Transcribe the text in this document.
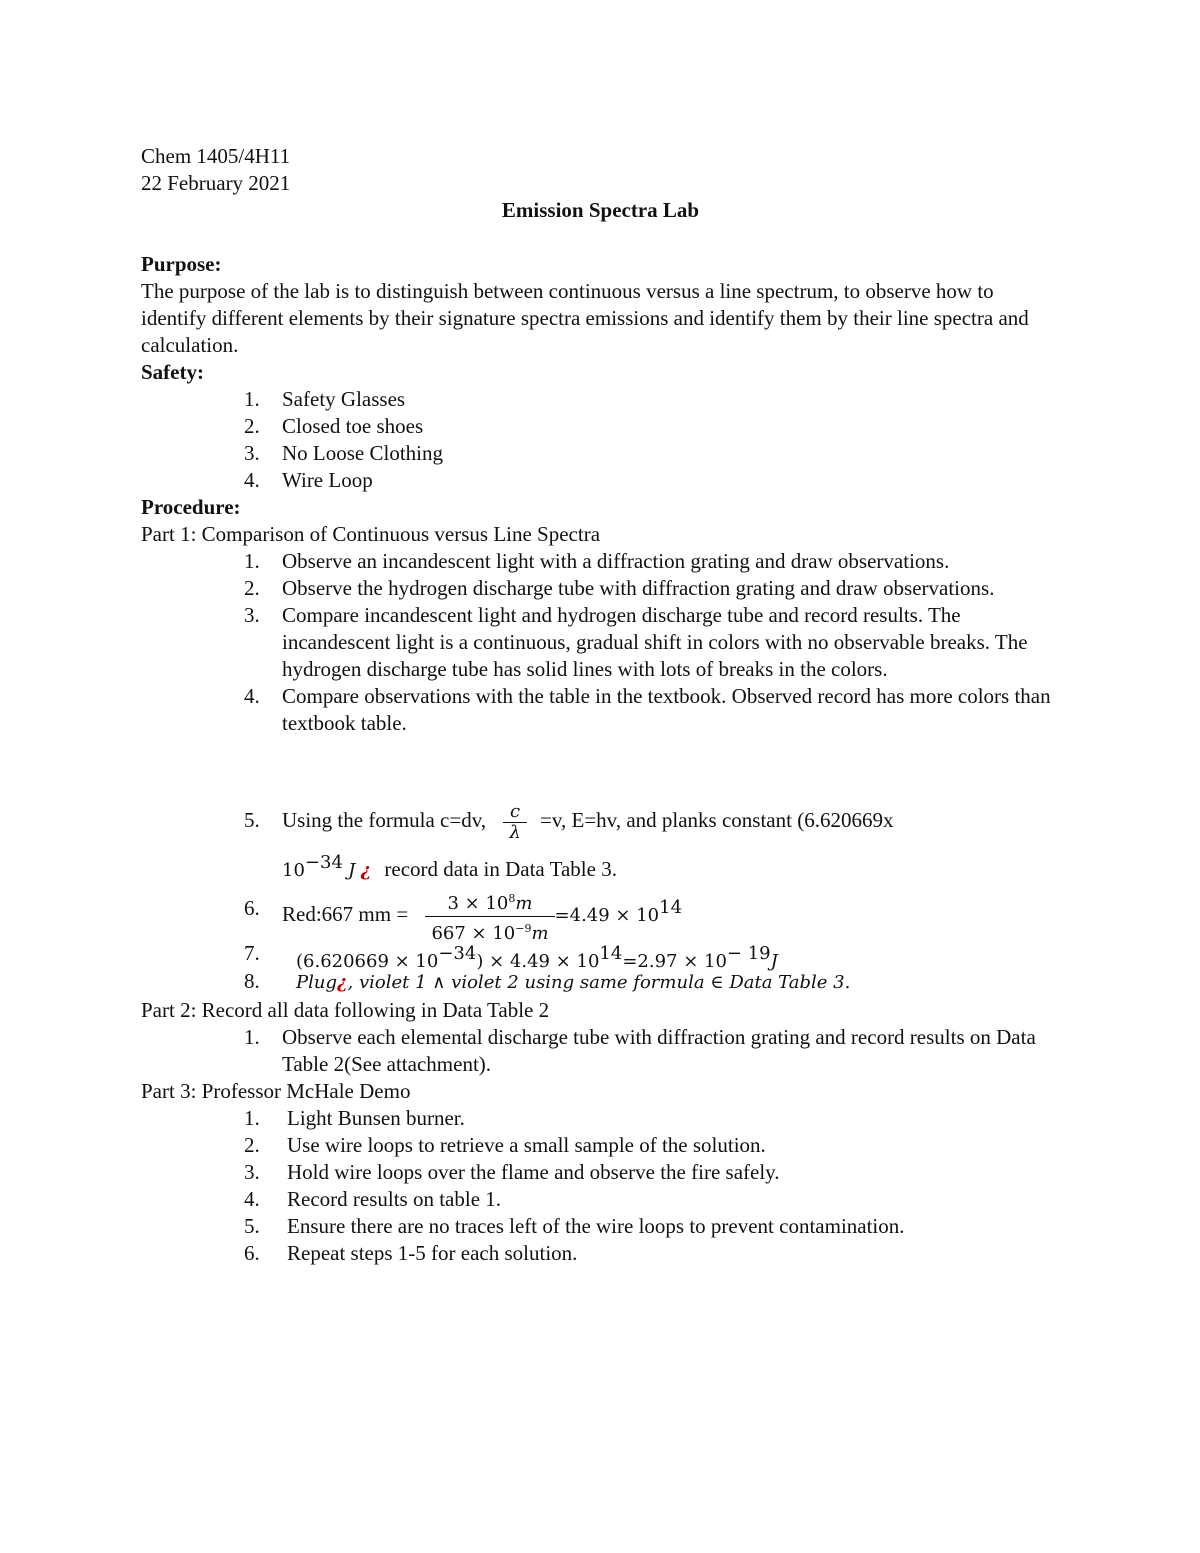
Chem 1405/4H11
22 February 2021
Emission Spectra Lab
Purpose:
The purpose of the lab is to distinguish between continuous versus a line spectrum, to observe how to identify different elements by their signature spectra emissions and identify them by their line spectra and calculation.
Safety:
1. Safety Glasses
2. Closed toe shoes
3. No Loose Clothing
4. Wire Loop
Procedure:
Part 1: Comparison of Continuous versus Line Spectra
1. Observe an incandescent light with a diffraction grating and draw observations.
2. Observe the hydrogen discharge tube with diffraction grating and draw observations.
3. Compare incandescent light and hydrogen discharge tube and record results. The incandescent light is a continuous, gradual shift in colors with no observable breaks. The hydrogen discharge tube has solid lines with lots of breaks in the colors.
4. Compare observations with the table in the textbook. Observed record has more colors than textbook table.
5. Using the formula c=dv, $\frac{c}{\lambda} =v$, E=hv, and planks constant (6.620669x
$10^{-34}$ J ¿ record data in Data Table 3.
6. Red:667 mm = $\frac{3 \times 10^8m}{667 \times 10^{-9}m} =4.49 \times 10^{14}$
7. $(6.620669 \times 10^{-34}) \times 4.49 \times 10^{14}=2.97 \times 10^{- 19}J$
8. Plug¿, violet 1 ∧ violet 2 using same formula ∈ Data Table 3.
Part 2: Record all data following in Data Table 2
1. Observe each elemental discharge tube with diffraction grating and record results on Data Table 2(See attachment).
Part 3: Professor McHale Demo
1. Light Bunsen burner.
2. Use wire loops to retrieve a small sample of the solution.
3. Hold wire loops over the flame and observe the fire safely.
4. Record results on table 1.
5. Ensure there are no traces left of the wire loops to prevent contamination.
6. Repeat steps 1-5 for each solution.
